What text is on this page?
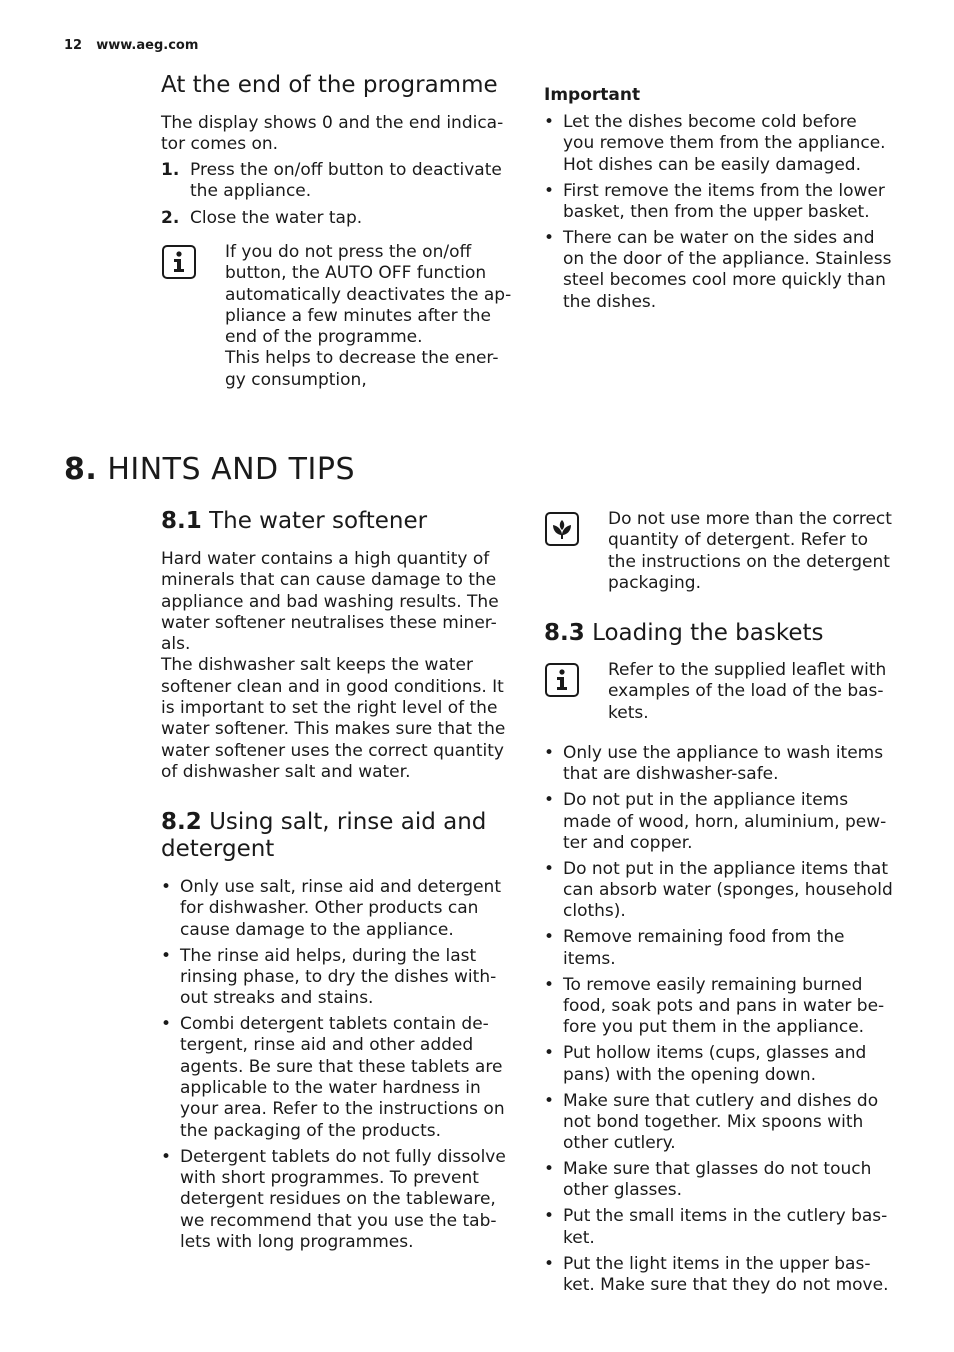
12 www.aeg.com
At the end of the programme

The display shows 0 and the end indica-
tor comes on.

1. Press the on/off button to deactivate
the appliance.
2. Close the water tap.

If you do not press the on/off
button, the AUTO OFF function
automatically deactivates the ap-
pliance a few minutes after the
end of the programme.
This helps to decrease the ener-
gy consumption,

Important
• Let the dishes become cold before
you remove them from the appliance.
Hot dishes can be easily damaged.
• First remove the items from the lower
basket, then from the upper basket.
• There can be water on the sides and
on the door of the appliance. Stainless
steel becomes cool more quickly than
the dishes.
8. HINTS AND TIPS
8.1 The water softener

Hard water contains a high quantity of
minerals that can cause damage to the
appliance and bad washing results. The
water softener neutralises these miner-
als.
The dishwasher salt keeps the water
softener clean and in good conditions. It
is important to set the right level of the
water softener. This makes sure that the
water softener uses the correct quantity
of dishwasher salt and water.

8.2 Using salt, rinse aid and
detergent
• Only use salt, rinse aid and detergent
for dishwasher. Other products can
cause damage to the appliance.
• The rinse aid helps, during the last
rinsing phase, to dry the dishes with-
out streaks and stains.
• Combi detergent tablets contain de-
tergent, rinse aid and other added
agents. Be sure that these tablets are
applicable to the water hardness in
your area. Refer to the instructions on
the packaging of the products.
• Detergent tablets do not fully dissolve
with short programmes. To prevent
detergent residues on the tableware,
we recommend that you use the tab-
lets with long programmes.

Do not use more than the correct
quantity of detergent. Refer to
the instructions on the detergent
packaging.

8.3 Loading the baskets

Refer to the supplied leaflet with
examples of the load of the bas-
kets.

• Only use the appliance to wash items
that are dishwasher-safe.
• Do not put in the appliance items
made of wood, horn, aluminium, pew-
ter and copper.
• Do not put in the appliance items that
can absorb water (sponges, household
cloths).
• Remove remaining food from the
items.
• To remove easily remaining burned
food, soak pots and pans in water be-
fore you put them in the appliance.
• Put hollow items (cups, glasses and
pans) with the opening down.
• Make sure that cutlery and dishes do
not bond together. Mix spoons with
other cutlery.
• Make sure that glasses do not touch
other glasses.
• Put the small items in the cutlery bas-
ket.
• Put the light items in the upper bas-
ket. Make sure that they do not move.
